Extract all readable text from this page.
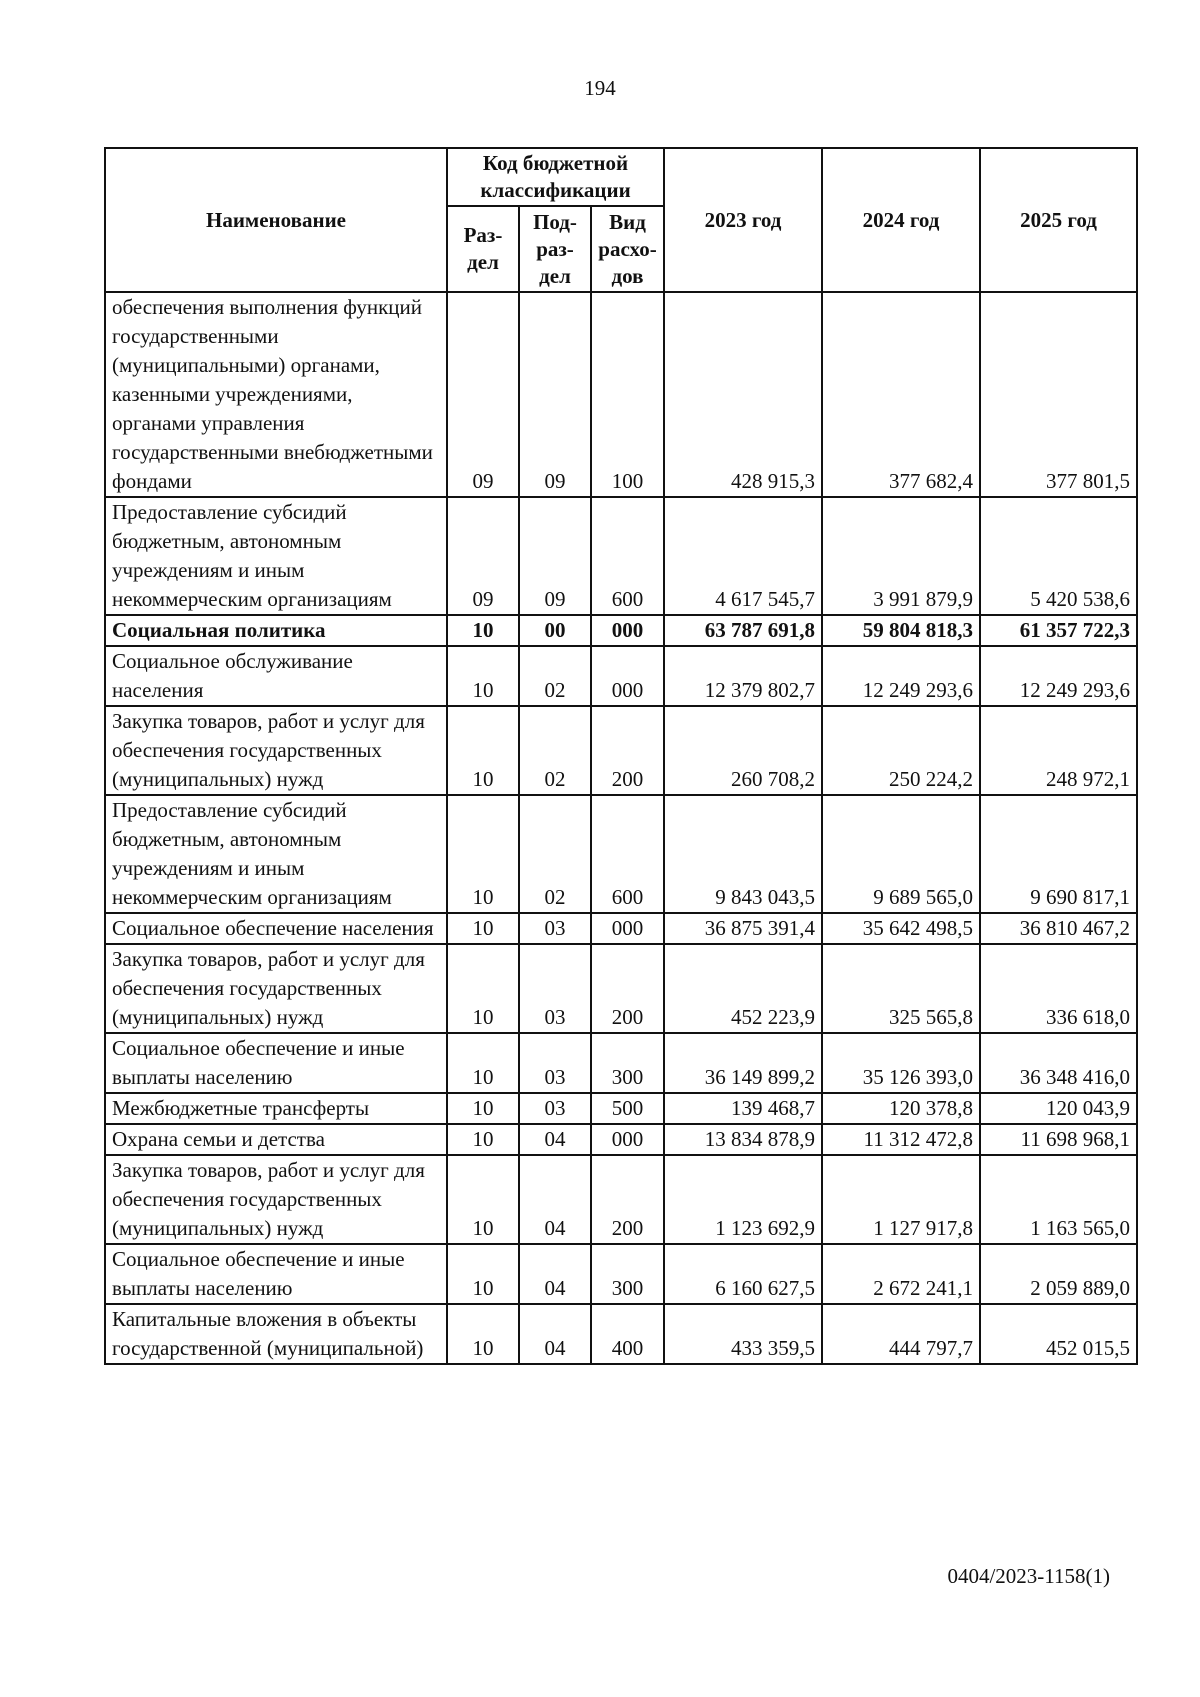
194
Наименование	Код бюджетной классификации			2023 год	2024 год	2025 год
	Раз- дел	Под- раз- дел	Вид расхо- дов			
обеспечения выполнения функций государственными (муниципальными) органами, казенными учреждениями, органами управления государственными внебюджетными фондами	09	09	100	428 915,3	377 682,4	377 801,5
Предоставление субсидий бюджетным, автономным учреждениям и иным некоммерческим организациям	09	09	600	4 617 545,7	3 991 879,9	5 420 538,6
Социальная политика	10	00	000	63 787 691,8	59 804 818,3	61 357 722,3
Социальное обслуживание населения	10	02	000	12 379 802,7	12 249 293,6	12 249 293,6
Закупка товаров, работ и услуг для обеспечения государственных (муниципальных) нужд	10	02	200	260 708,2	250 224,2	248 972,1
Предоставление субсидий бюджетным, автономным учреждениям и иным некоммерческим организациям	10	02	600	9 843 043,5	9 689 565,0	9 690 817,1
Социальное обеспечение населения	10	03	000	36 875 391,4	35 642 498,5	36 810 467,2
Закупка товаров, работ и услуг для обеспечения государственных (муниципальных) нужд	10	03	200	452 223,9	325 565,8	336 618,0
Социальное обеспечение и иные выплаты населению	10	03	300	36 149 899,2	35 126 393,0	36 348 416,0
Межбюджетные трансферты	10	03	500	139 468,7	120 378,8	120 043,9
Охрана семьи и детства	10	04	000	13 834 878,9	11 312 472,8	11 698 968,1
Закупка товаров, работ и услуг для обеспечения государственных (муниципальных) нужд	10	04	200	1 123 692,9	1 127 917,8	1 163 565,0
Социальное обеспечение и иные выплаты населению	10	04	300	6 160 627,5	2 672 241,1	2 059 889,0
Капитальные вложения в объекты государственной (муниципальной)	10	04	400	433 359,5	444 797,7	452 015,5
0404/2023-1158(1)
